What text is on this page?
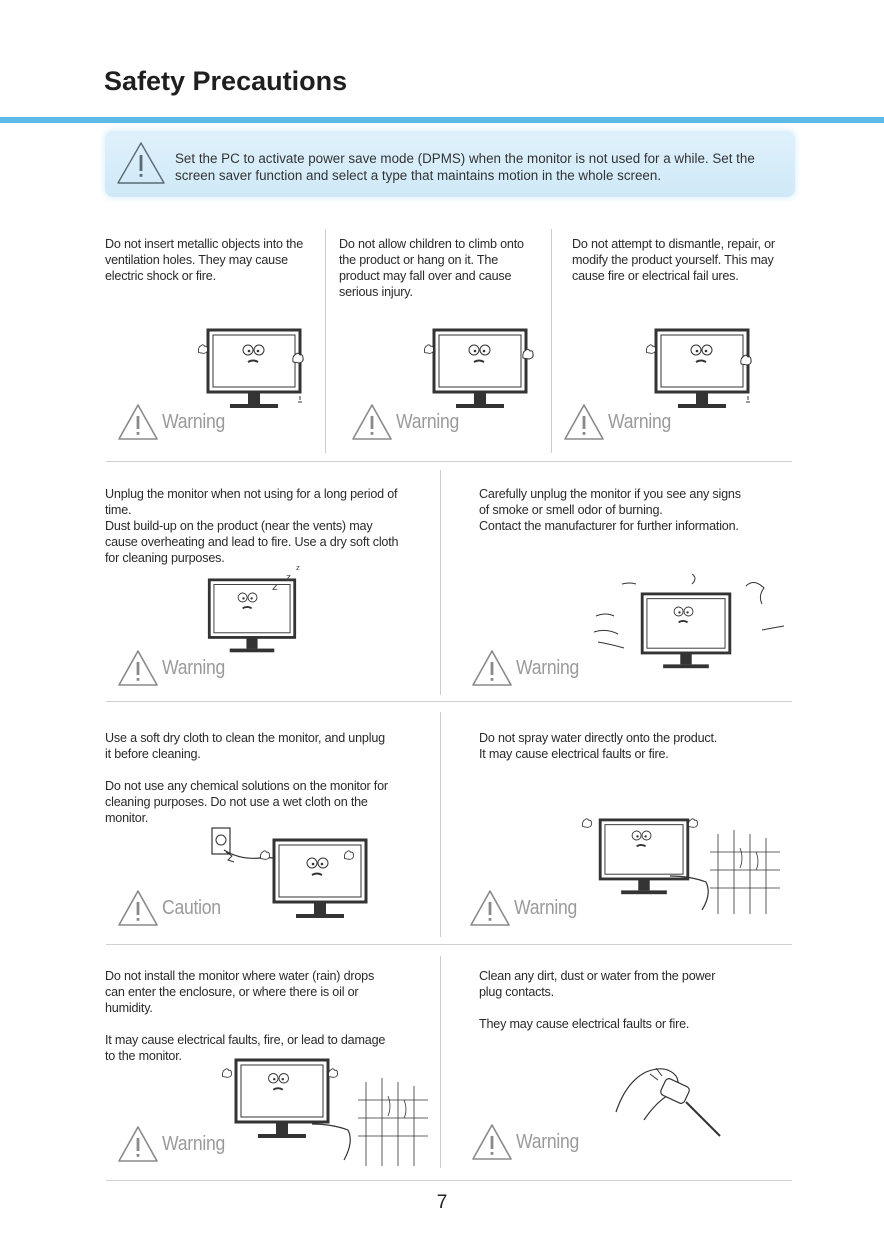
Safety Precautions
Set the PC to activate power save mode (DPMS) when the monitor is not used for a while. Set the screen saver function and select a type that maintains motion in the whole screen.
Do not insert metallic objects into the
ventilation holes. They may cause
electric shock or fire.
Do not allow children to climb onto
the product or hang on it. The
product may fall over and cause
serious injury.
Do not attempt to dismantle, repair, or
modify the product yourself. This may
cause fire or electrical fail ures.
Warning	Warning	Warning
Unplug the monitor when not using for a long period of
time.
Dust build-up on the product (near the vents) may
cause overheating and lead to fire. Use a dry soft cloth
for cleaning purposes.
Carefully unplug the monitor if you see any signs
of smoke or smell odor of burning.
Contact the manufacturer for further information.
z
z
z
Warning	Warning
Use a soft dry cloth to clean the monitor, and unplug
it before cleaning.

Do not use any chemical solutions on the monitor for
cleaning purposes. Do not use a wet cloth on the
monitor.
Do not spray water directly onto the product.
It may cause electrical faults or fire.
Caution	Warning
Do not install the monitor where water (rain) drops
can enter the enclosure, or where there is oil or
humidity.

It may cause electrical faults, fire, or lead to damage
to the monitor.
Clean any dirt, dust or water from the power
plug contacts.

They may cause electrical faults or fire.
Warning	Warning
7
